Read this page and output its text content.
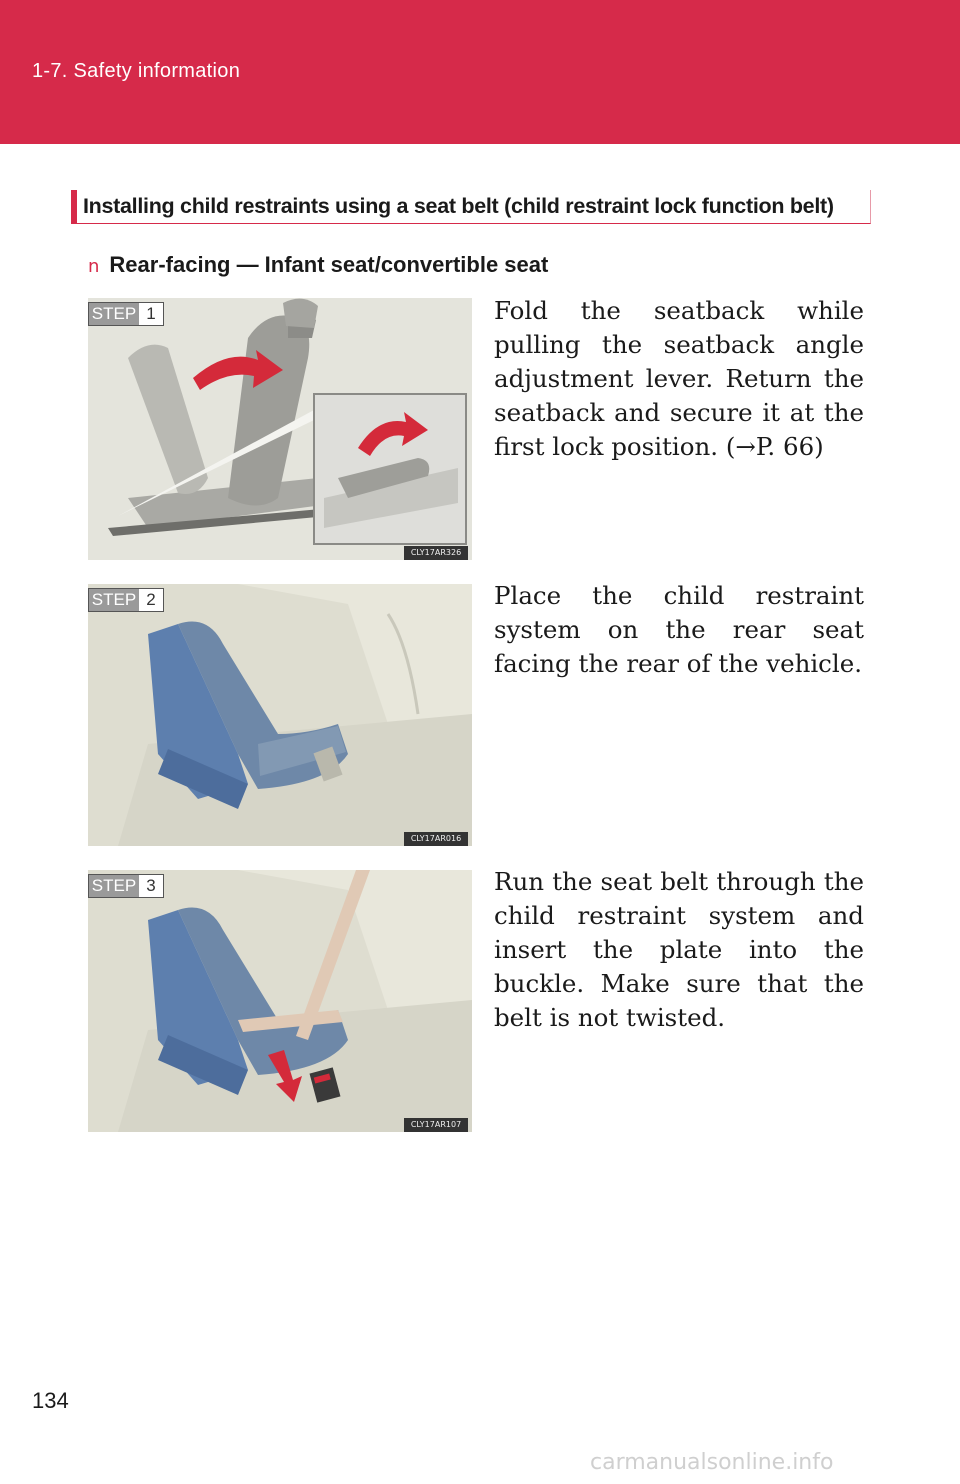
1-7. Safety information
Installing child restraints using a seat belt (child restraint lock function belt)
n Rear-facing — Infant seat/convertible seat
CLY17AR326
STEP 1	Fold the seatback while pulling the seatback angle adjustment lever. Return the seatback and secure it at the first lock position. (→P. 66)
CLY17AR016
STEP 2	Place the child restraint system on the rear seat facing the rear of the vehicle.
CLY17AR107
STEP 3	Run the seat belt through the child restraint system and insert the plate into the buckle. Make sure that the belt is not twisted.
134
carmanualsonline.info
